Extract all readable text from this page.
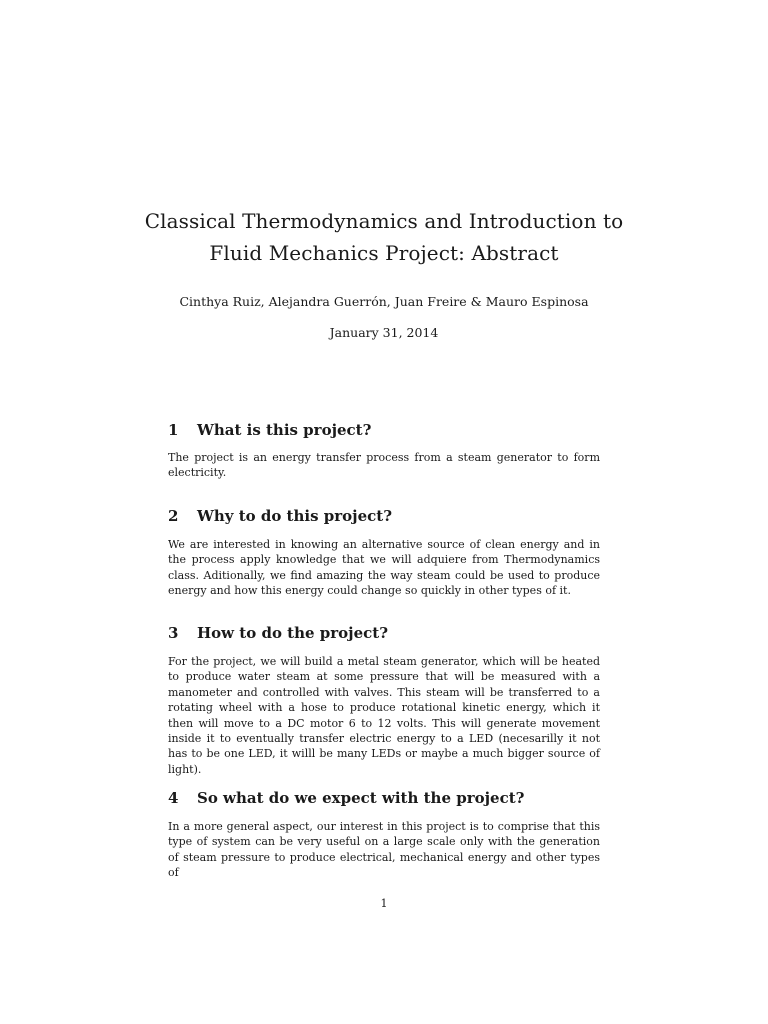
Classical Thermodynamics and Introduction to
Fluid Mechanics Project: Abstract
Cinthya Ruiz, Alejandra Guerrón, Juan Freire & Mauro Espinosa
January 31, 2014
1 What is this project?

The project is an energy transfer process from a steam generator to form electricity.

2 Why to do this project?

We are interested in knowing an alternative source of clean energy and in the process apply knowledge that we will adquiere from Thermodynamics class. Aditionally, we find amazing the way steam could be used to produce energy and how this energy could change so quickly in other types of it.

3 How to do the project?

For the project, we will build a metal steam generator, which will be heated to produce water steam at some pressure that will be measured with a manometer and controlled with valves. This steam will be transferred to a rotating wheel with a hose to produce rotational kinetic energy, which it then will move to a DC motor 6 to 12 volts. This will generate movement inside it to eventually transfer electric energy to a LED (necesarilly it not has to be one LED, it willl be many LEDs or maybe a much bigger source of light).

4 So what do we expect with the project?

In a more general aspect, our interest in this project is to comprise that this type of system can be very useful on a large scale only with the generation of steam pressure to produce electrical, mechanical energy and other types of

1
